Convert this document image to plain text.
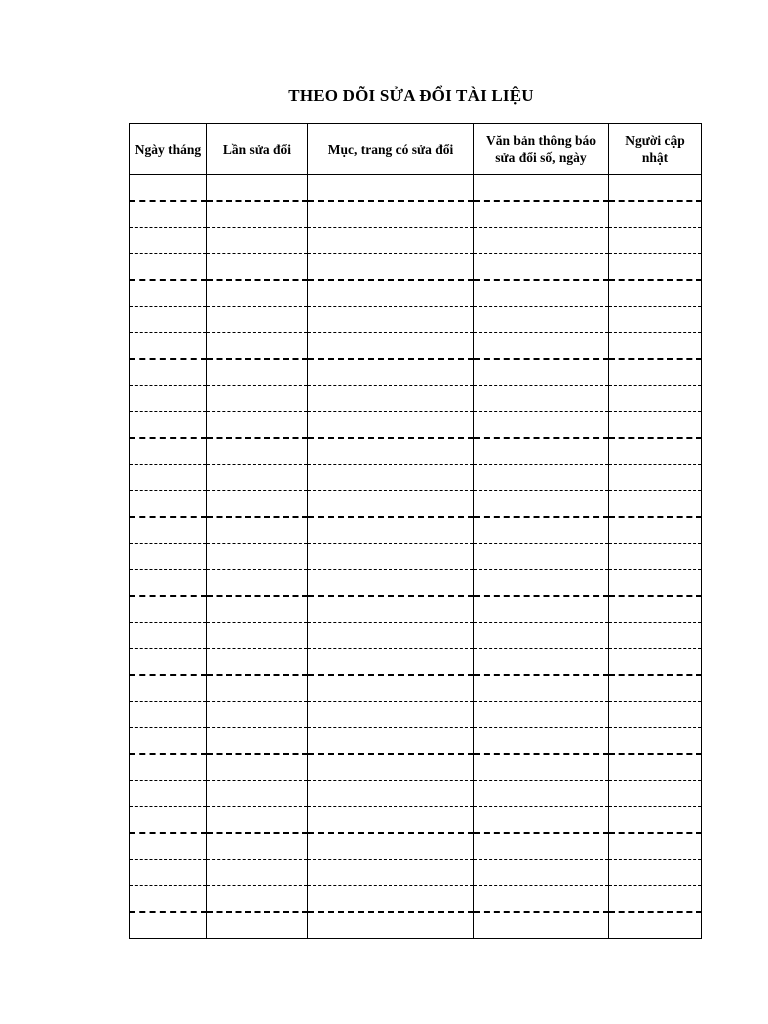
THEO DÕI SỬA ĐỔI TÀI LIỆU
Ngày tháng	Lần sửa đổi	Mục, trang có sửa đổi	Văn bản thông báo sửa đổi số, ngày	Người cập nhật
